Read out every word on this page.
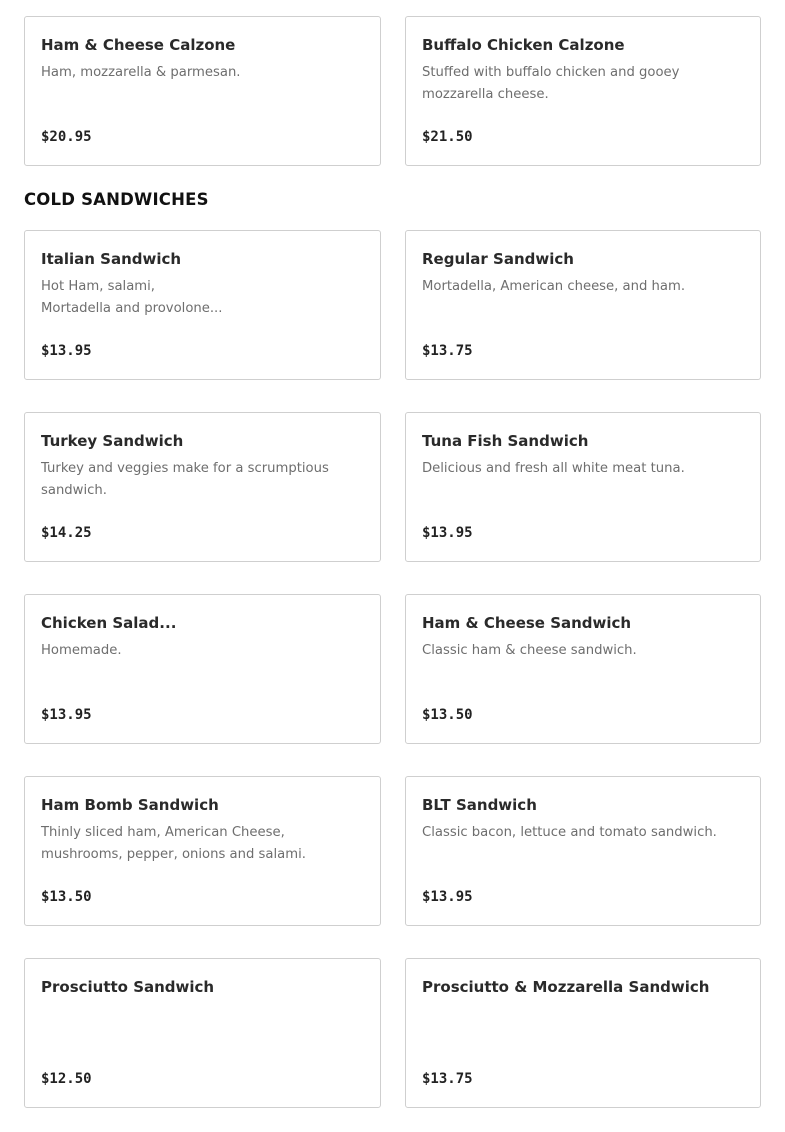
Ham & Cheese Calzone
Ham, mozzarella & parmesan.
$20.95
Buffalo Chicken Calzone
Stuffed with buffalo chicken and gooey mozzarella cheese.
$21.50
COLD SANDWICHES
Italian Sandwich
Hot Ham, salami,
Mortadella and provolone...
$13.95
Regular Sandwich
Mortadella, American cheese, and ham.
$13.75
Turkey Sandwich
Turkey and veggies make for a scrumptious sandwich.
$14.25
Tuna Fish Sandwich
Delicious and fresh all white meat tuna.
$13.95
Chicken Salad...
Homemade.
$13.95
Ham & Cheese Sandwich
Classic ham & cheese sandwich.
$13.50
Ham Bomb Sandwich
Thinly sliced ham, American Cheese, mushrooms, pepper, onions and salami.
$13.50
BLT Sandwich
Classic bacon, lettuce and tomato sandwich.
$13.95
Prosciutto Sandwich
$12.50
Prosciutto & Mozzarella Sandwich
$13.75
